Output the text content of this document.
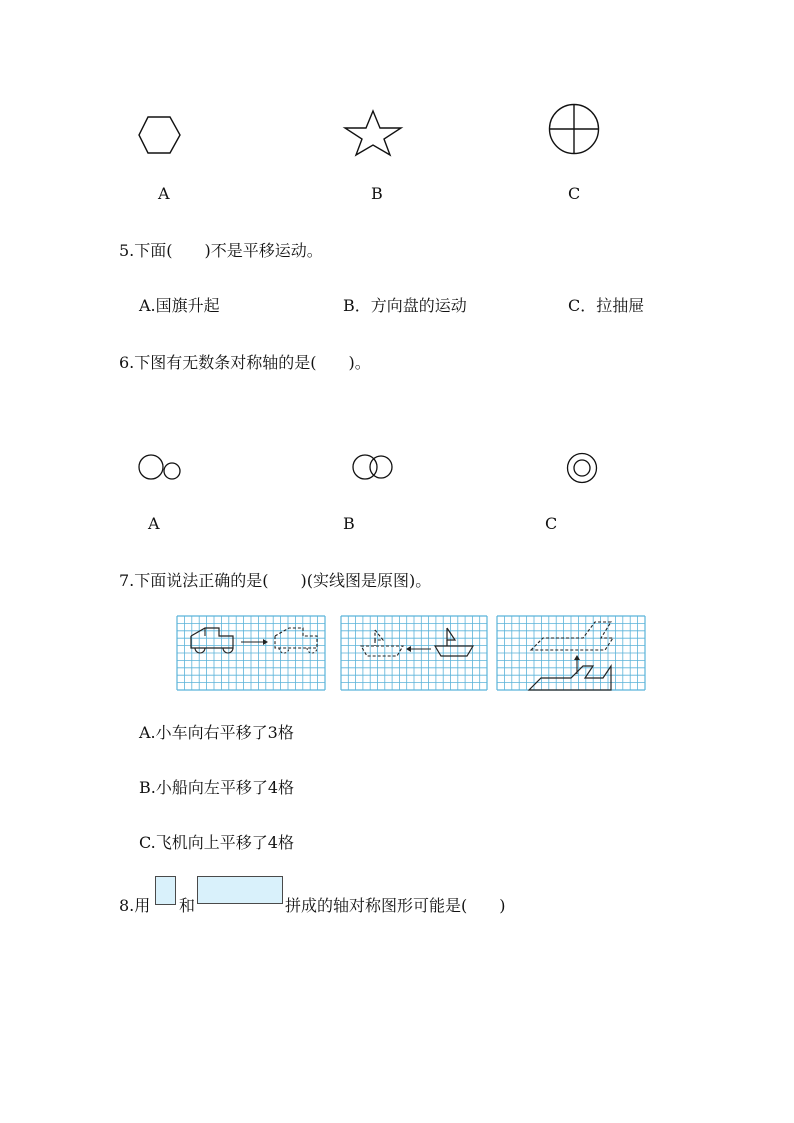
A	B	C
5.下面(　　)不是平移运动。
A.国旗升起	B．方向盘的运动	C．拉抽屉
6.下图有无数条对称轴的是(　　)。
A	B	C
7.下面说法正确的是(　　)(实线图是原图)。
A.小车向右平移了3格
B.小船向左平移了4格
C.飞机向上平移了4格
8.用 和	拼成的轴对称图形可能是(　　)
